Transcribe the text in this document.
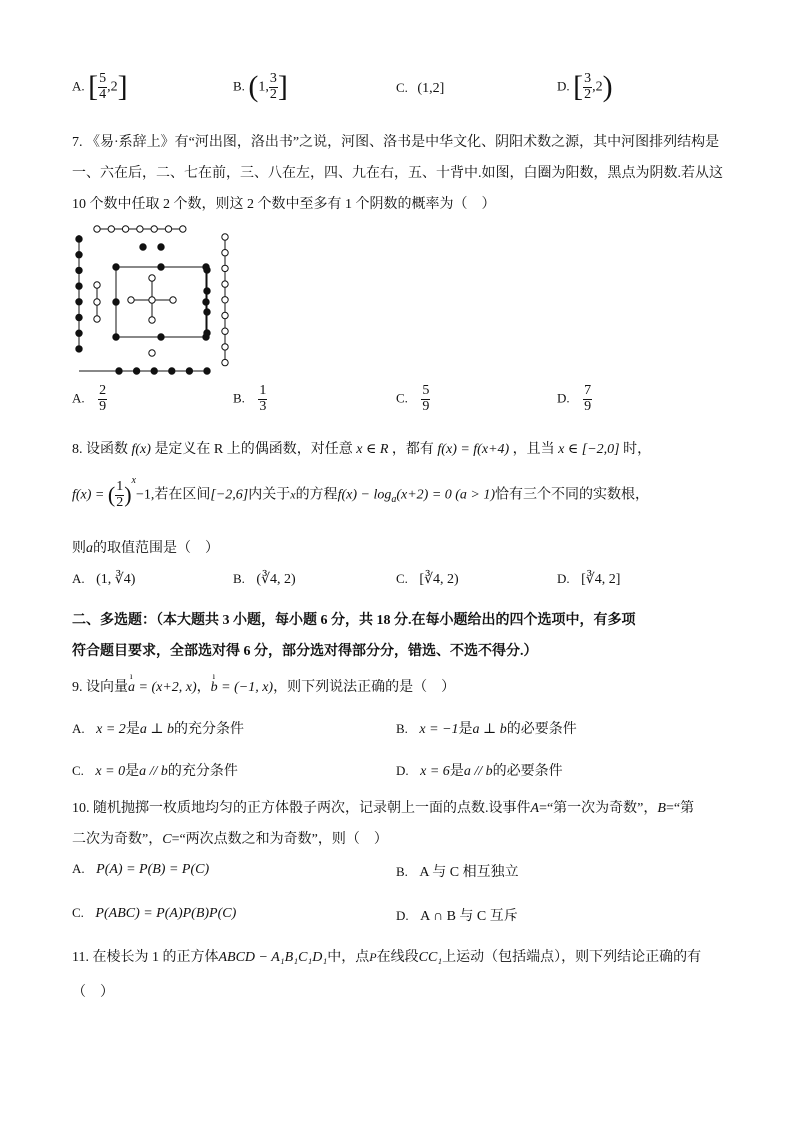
A. [ $\frac{5}{4} ,2$]	B. (1, $\frac{3}{2}$ ]	C. (1,2]	D. [ $\frac{3}{2} ,2$)
7. 《易·系辞上》有“河出图，洛出书”之说，河图、洛书是中华文化、阴阳术数之源，其中河图排列结构是
一、六在后，二、七在前，三、八在左，四、九在右，五、十背中.如图，白圈为阳数，黑点为阴数.若从这
10 个数中任取 2 个数，则这 2 个数中至多有 1 个阴数的概率为（　）
A. $\frac{2}{9}$	B. $\frac{1}{3}$	C. $\frac{5}{9}$	D. $\frac{7}{9}$
8. 设函数 f(x) 是定义在 R 上的偶函数，对任意 x ∈ R ，都有 f(x) = f(x+4) ，且当 x ∈ [−2,0] 时，
f(x) = ( $\frac{1}{2} )^x-1$,若在区间[−2,6]内关于x的方程$f(x) - \log_a(x+2) = 0$ (a > 1)恰有三个不同的实数根，
则a的取值范围是（　）
A. (1, ∛4)	B. (∛4, 2)	C. [∛4, 2)	D. [∛4, 2]
二、多选题：（本大题共 3 小题，每小题 6 分，共 18 分.在每小题给出的四个选项中，有多项
符合题目要求，全部选对得 6 分，部分选对得部分分，错选、不选不得分.）
9. 设向量
ı
a = (x+2, x)，
ı
b = (−1, x)，则下列说法正确的是（　）
A. x = 2是a ⊥ b的充分条件	B. x = −1是a ⊥ b的必要条件
C. x = 0是a // b的充分条件	D. x = 6是a // b的必要条件
10. 随机抛掷一枚质地均匀的正方体骰子两次，记录朝上一面的点数.设事件A=“第一次为奇数”，B=“第
二次为奇数”，C=“两次点数之和为奇数”，则（　）
A. P(A) = P(B) = P(C)	B. A 与 C 相互独立
C. P(ABC) = P(A)P(B)P(C)	D. A ∩ B 与 C 互斥
11. 在棱长为 1 的正方体ABCD − A₁B₁C₁D₁中，点P在线段CC₁上运动（包括端点），则下列结论正确的有
（　）
